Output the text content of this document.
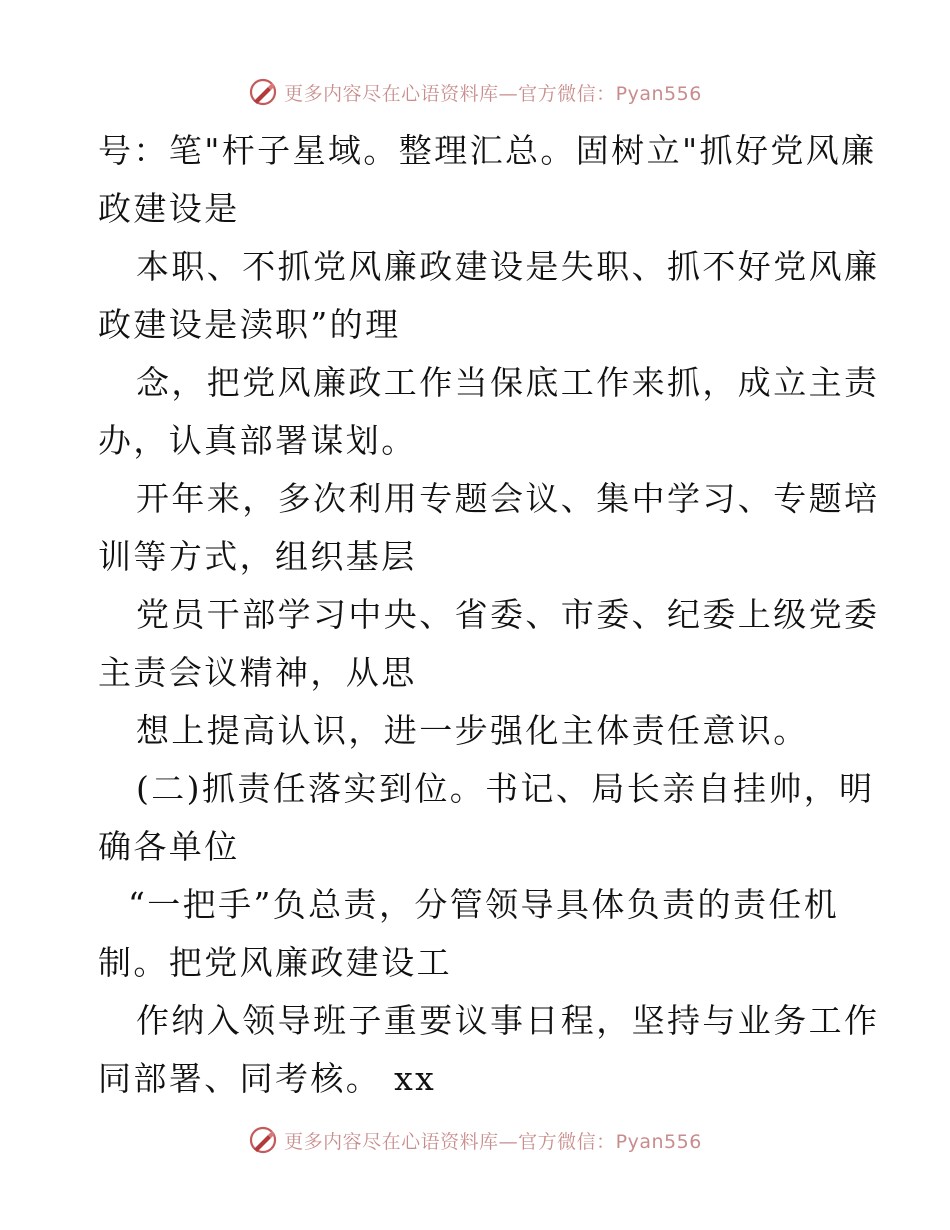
更多内容尽在心语资料库—官方微信：Pyan556

号：笔"杆子星域。整理汇总。固树立"抓好党风廉

政建设是

本职、不抓党风廉政建设是失职、抓不好党风廉

政建设是渎职”的理

念，把党风廉政工作当保底工作来抓，成立主责

办，认真部署谋划。

开年来，多次利用专题会议、集中学习、专题培

训等方式，组织基层

党员干部学习中央、省委、市委、纪委上级党委

主责会议精神，从思

想上提高认识，进一步强化主体责任意识。

(二)抓责任落实到位。书记、局长亲自挂帅，明

确各单位

“一把手”负总责，分管领导具体负责的责任机

制。把党风廉政建设工

作纳入领导班子重要议事日程，坚持与业务工作

同部署、同考核。 xx

更多内容尽在心语资料库—官方微信：Pyan556
